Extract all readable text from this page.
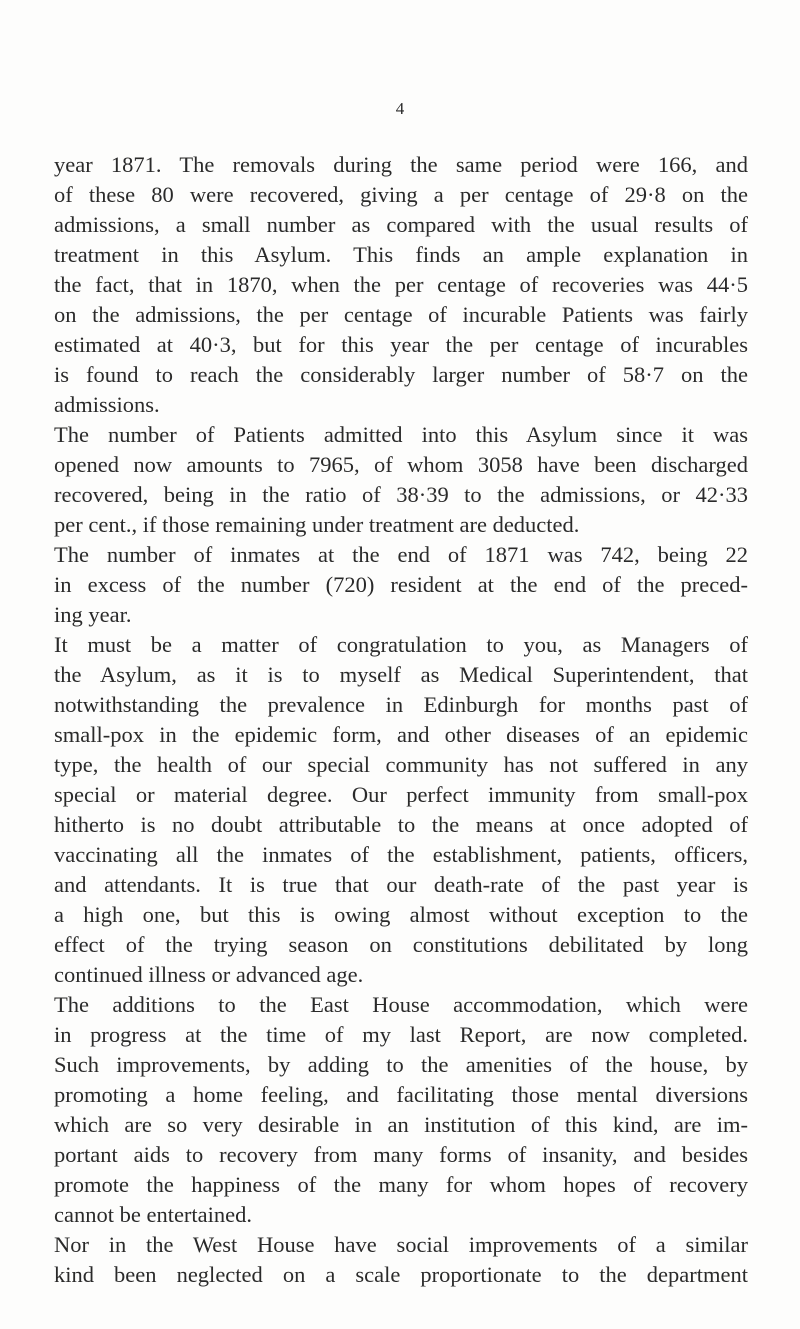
4
year 1871. The removals during the same period were 166, and
of these 80 were recovered, giving a per centage of 29·8 on the
admissions, a small number as compared with the usual results of
treatment in this Asylum. This finds an ample explanation in
the fact, that in 1870, when the per centage of recoveries was 44·5
on the admissions, the per centage of incurable Patients was fairly
estimated at 40·3, but for this year the per centage of incurables
is found to reach the considerably larger number of 58·7 on the
admissions.
The number of Patients admitted into this Asylum since it was
opened now amounts to 7965, of whom 3058 have been discharged
recovered, being in the ratio of 38·39 to the admissions, or 42·33
per cent., if those remaining under treatment are deducted.
The number of inmates at the end of 1871 was 742, being 22
in excess of the number (720) resident at the end of the preced-
ing year.
It must be a matter of congratulation to you, as Managers of
the Asylum, as it is to myself as Medical Superintendent, that
notwithstanding the prevalence in Edinburgh for months past of
small-pox in the epidemic form, and other diseases of an epidemic
type, the health of our special community has not suffered in any
special or material degree. Our perfect immunity from small-pox
hitherto is no doubt attributable to the means at once adopted of
vaccinating all the inmates of the establishment, patients, officers,
and attendants. It is true that our death-rate of the past year is
a high one, but this is owing almost without exception to the
effect of the trying season on constitutions debilitated by long
continued illness or advanced age.
The additions to the East House accommodation, which were
in progress at the time of my last Report, are now completed.
Such improvements, by adding to the amenities of the house, by
promoting a home feeling, and facilitating those mental diversions
which are so very desirable in an institution of this kind, are im-
portant aids to recovery from many forms of insanity, and besides
promote the happiness of the many for whom hopes of recovery
cannot be entertained.
Nor in the West House have social improvements of a similar
kind been neglected on a scale proportionate to the department
